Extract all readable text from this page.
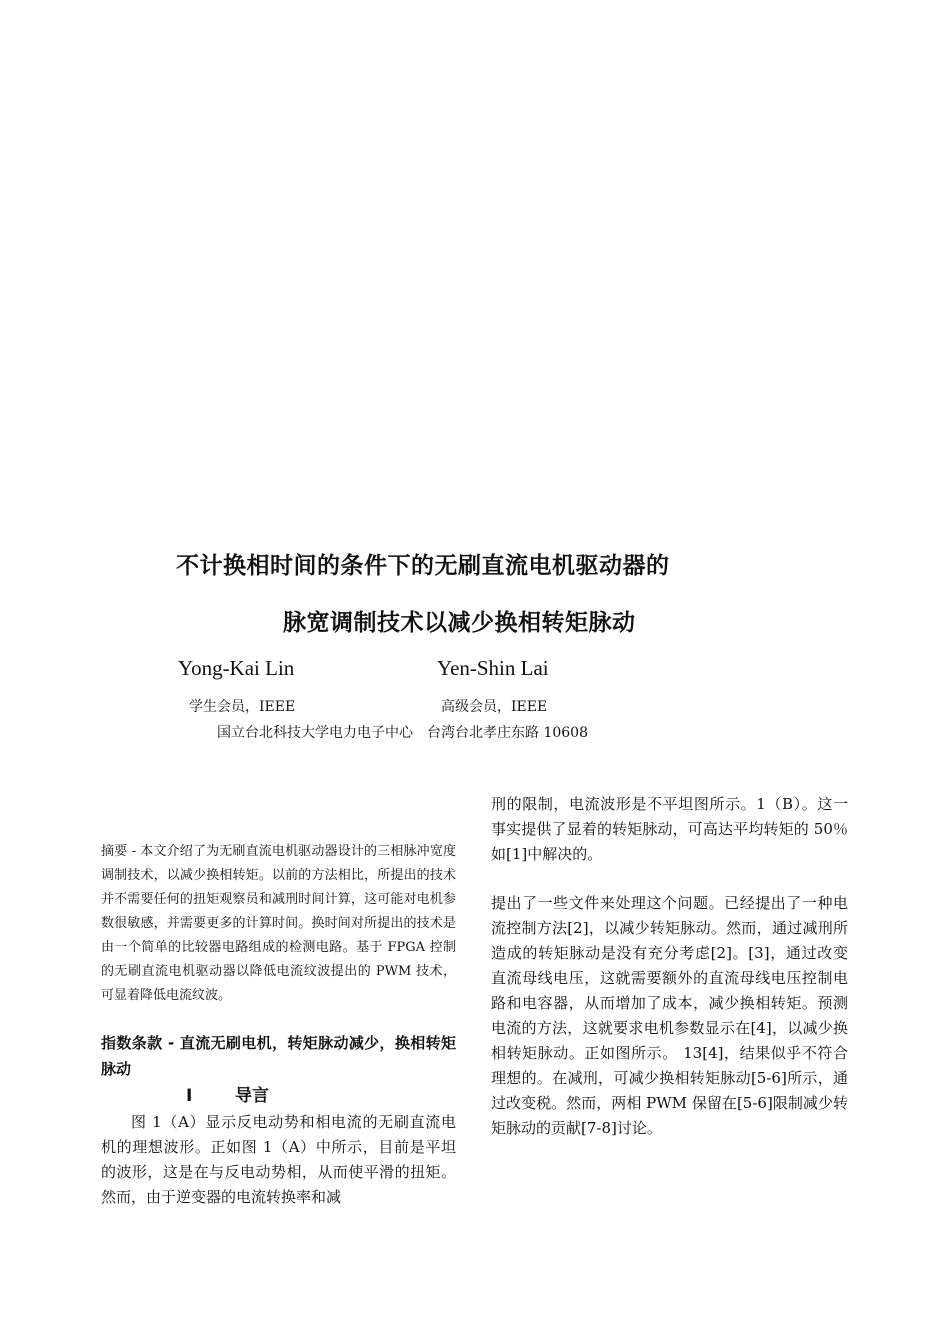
不计换相时间的条件下的无刷直流电机驱动器的
脉宽调制技术以减少换相转矩脉动
Yong-Kai Lin	Yen-Shin Lai
学生会员，IEEE	高级会员，IEEE
国立台北科技大学电力电子中心　台湾台北孝庄东路 10608

摘要 - 本文介绍了为无刷直流电机驱动器设计的三相脉冲宽度调制技术，以减少换相转矩。以前的方法相比，所提出的技术并不需要任何的扭矩观察员和减刑时间计算，这可能对电机参数很敏感，并需要更多的计算时间。换时间对所提出的技术是由一个简单的比较器电路组成的检测电路。基于 FPGA 控制的无刷直流电机驱动器以降低电流纹波提出的 PWM 技术，可显着降低电流纹波。

指数条款 - 直流无刷电机，转矩脉动减少，换相转矩脉动

I	导言

图 1（A）显示反电动势和相电流的无刷直流电机的理想波形。正如图 1（A）中所示，目前是平坦的波形，这是在与反电动势相，从而使平滑的扭矩。然而，由于逆变器的电流转换率和减

刑的限制，电流波形是不平坦图所示。1（B）。这一事实提供了显着的转矩脉动，可高达平均转矩的 50％如[1]中解决的。

提出了一些文件来处理这个问题。已经提出了一种电流控制方法[2]，以减少转矩脉动。然而，通过减刑所造成的转矩脉动是没有充分考虑[2]。[3]，通过改变直流母线电压，这就需要额外的直流母线电压控制电路和电容器，从而增加了成本，减少换相转矩。预测电流的方法，这就要求电机参数显示在[4]，以减少换相转矩脉动。正如图所示。 13[4]，结果似乎不符合理想的。在减刑，可减少换相转矩脉动[5-6]所示，通过改变税。然而，两相 PWM 保留在[5-6]限制减少转矩脉动的贡献[7-8]讨论。
